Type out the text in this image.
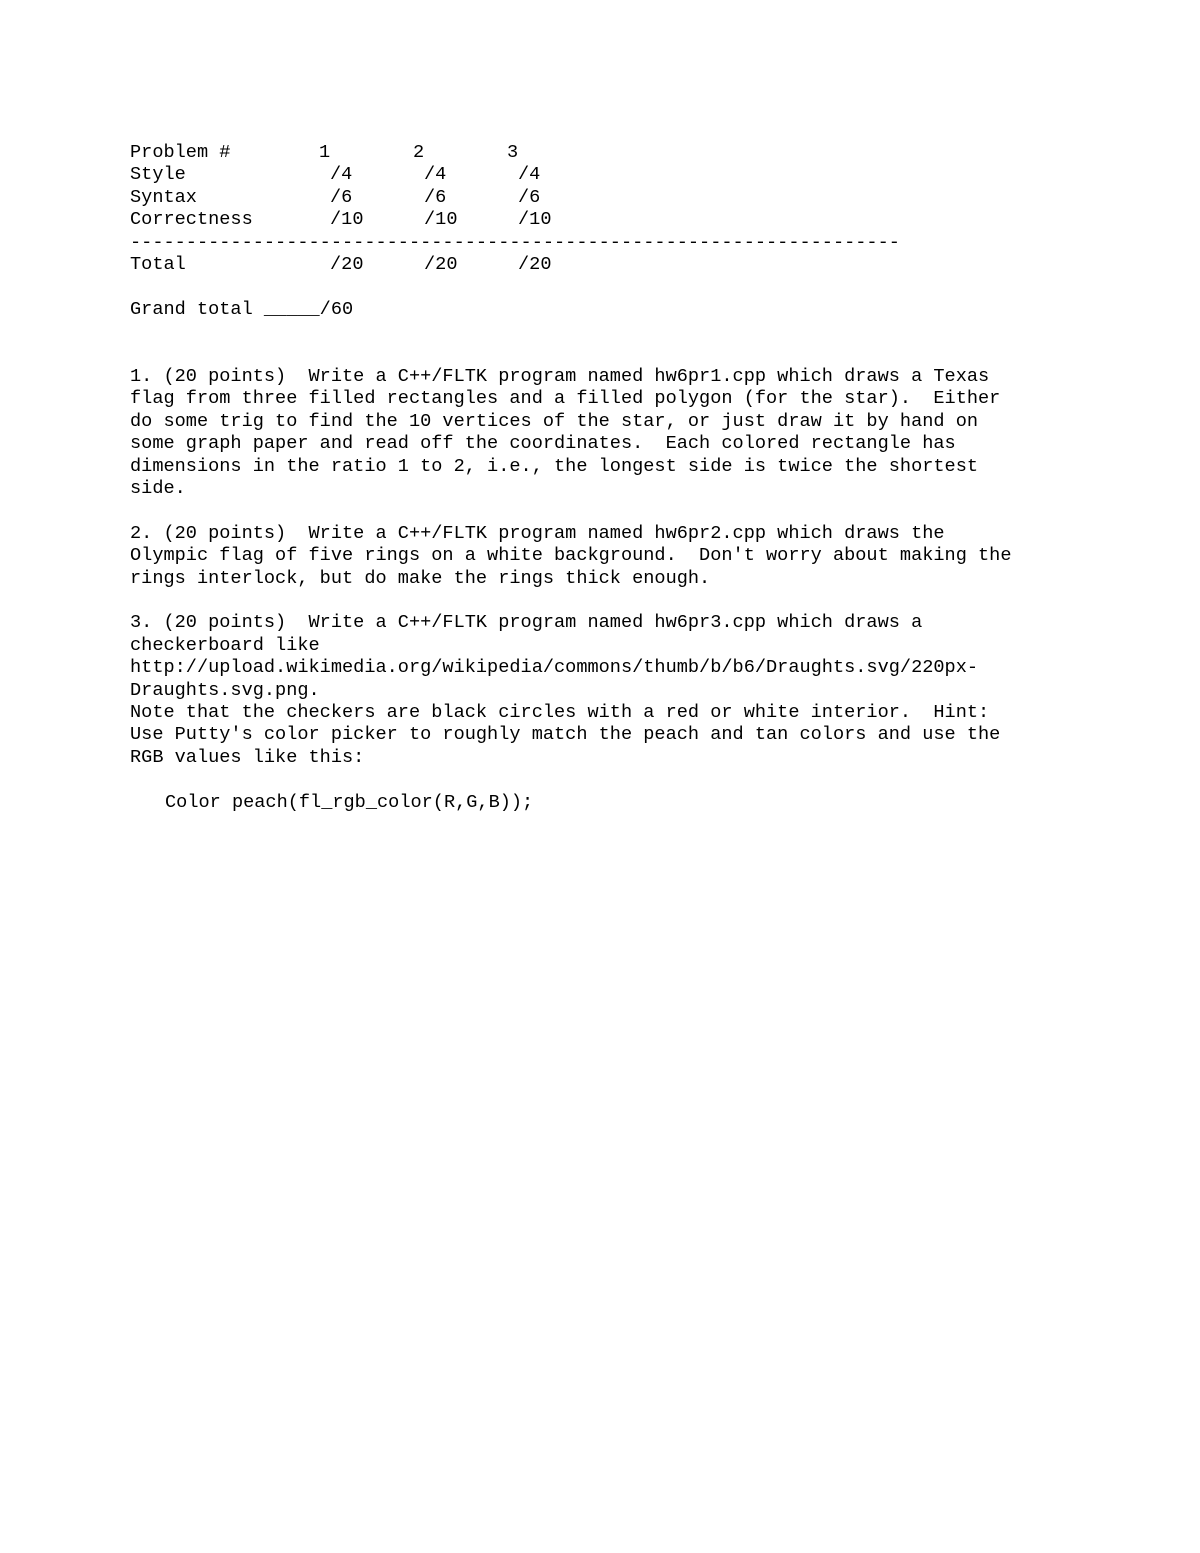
Problem #	1	2	3
Style	/4	/4	/4
Syntax	/6	/6	/6
Correctness	/10	/10	/10
---------------------------------------------------------------------
Total	/20	/20	/20
Grand total _____/60
1. (20 points)  Write a C++/FLTK program named hw6pr1.cpp which draws a Texas
flag from three filled rectangles and a filled polygon (for the star).  Either
do some trig to find the 10 vertices of the star, or just draw it by hand on
some graph paper and read off the coordinates.  Each colored rectangle has
dimensions in the ratio 1 to 2, i.e., the longest side is twice the shortest
side.
2. (20 points)  Write a C++/FLTK program named hw6pr2.cpp which draws the
Olympic flag of five rings on a white background.  Don't worry about making the
rings interlock, but do make the rings thick enough.
3. (20 points)  Write a C++/FLTK program named hw6pr3.cpp which draws a
checkerboard like
http://upload.wikimedia.org/wikipedia/commons/thumb/b/b6/Draughts.svg/220px-
Draughts.svg.png.
Note that the checkers are black circles with a red or white interior.  Hint:
Use Putty's color picker to roughly match the peach and tan colors and use the
RGB values like this:
Color peach(fl_rgb_color(R,G,B));
